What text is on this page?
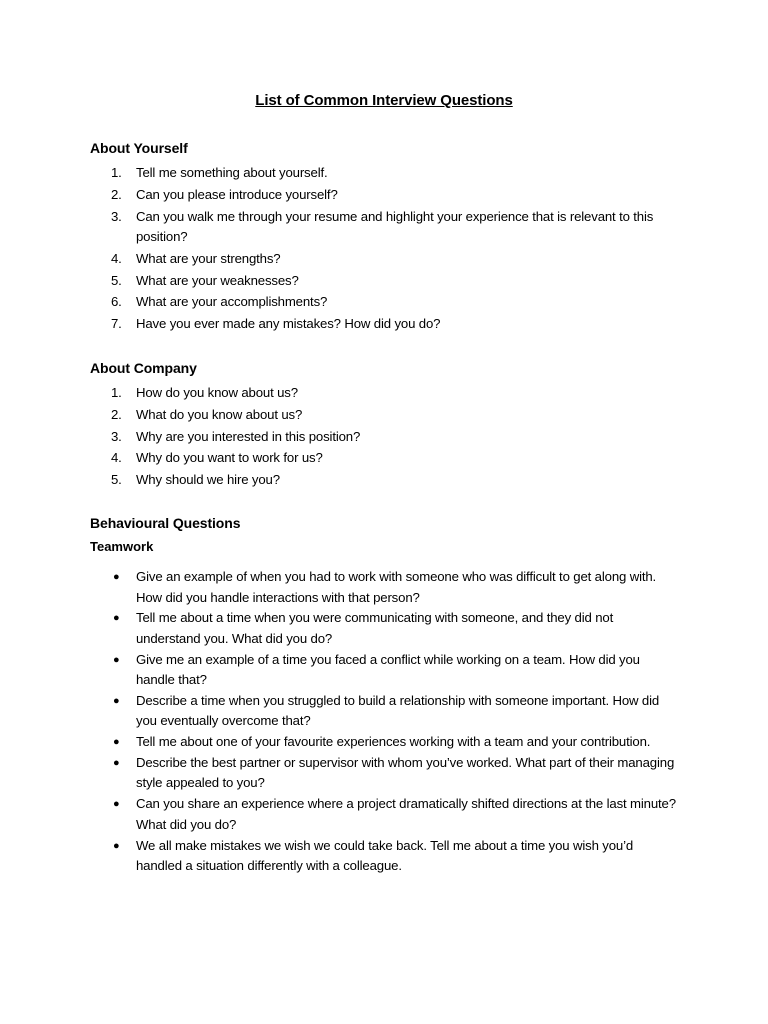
List of Common Interview Questions
About Yourself
1. Tell me something about yourself.
2. Can you please introduce yourself?
3. Can you walk me through your resume and highlight your experience that is relevant to this position?
4. What are your strengths?
5. What are your weaknesses?
6. What are your accomplishments?
7. Have you ever made any mistakes? How did you do?
About Company
1. How do you know about us?
2. What do you know about us?
3. Why are you interested in this position?
4. Why do you want to work for us?
5. Why should we hire you?
Behavioural Questions
Teamwork
● Give an example of when you had to work with someone who was difficult to get along with. How did you handle interactions with that person?
● Tell me about a time when you were communicating with someone, and they did not understand you. What did you do?
● Give me an example of a time you faced a conflict while working on a team. How did you handle that?
● Describe a time when you struggled to build a relationship with someone important. How did you eventually overcome that?
● Tell me about one of your favourite experiences working with a team and your contribution.
● Describe the best partner or supervisor with whom you’ve worked. What part of their managing style appealed to you?
● Can you share an experience where a project dramatically shifted directions at the last minute? What did you do?
● We all make mistakes we wish we could take back. Tell me about a time you wish you’d handled a situation differently with a colleague.
